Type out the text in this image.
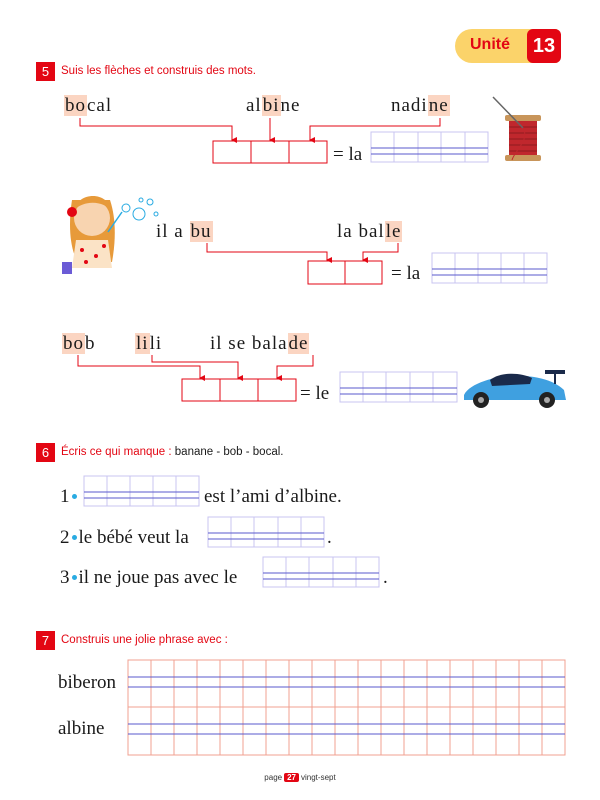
Unité 13
5	Suis les flèches et construis des mots.
bocal	albine	nadine
= la
il a bu	la balle
= la
bob lili	il se balade
= le
6	Écris ce qui manque : banane - bob - bocal.
1	est l’ami d’albine.
2 le bébé veut la	.
3 il ne joue pas avec le	.
7	Construis une jolie phrase avec :
biberon
albine
page 27 vingt-sept
